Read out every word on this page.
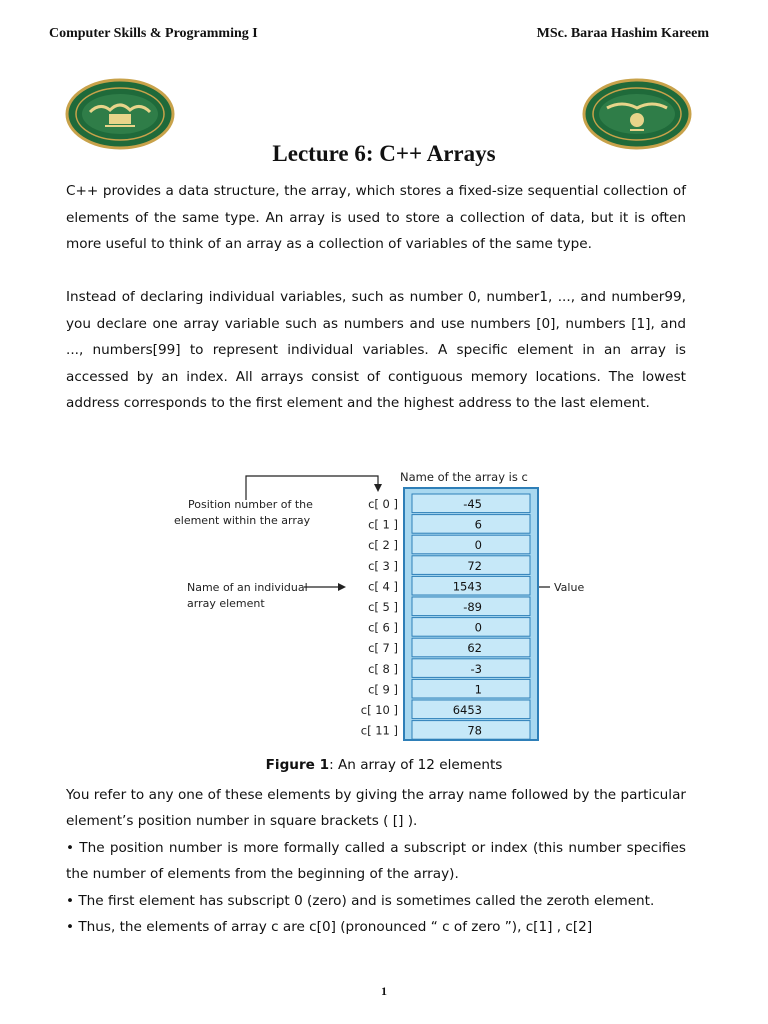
Computer Skills & Programming I	MSc. Baraa Hashim Kareem
Lecture 6: C++ Arrays

C++ provides a data structure, the array, which stores a fixed-size sequential collection of elements of the same type. An array is used to store a collection of data, but it is often more useful to think of an array as a collection of variables of the same type.

Instead of declaring individual variables, such as number 0, number1, ..., and number99, you declare one array variable such as numbers and use numbers [0], numbers [1], and ..., numbers[99] to represent individual variables. A specific element in an array is accessed by an index. All arrays consist of contiguous memory locations. The lowest address corresponds to the first element and the highest address to the last element.

Name of the array is c
Position number of the
element within the array
Name of an individual
array element
Value
-45
c[ 0 ]
6
c[ 1 ]
0
c[ 2 ]
72
c[ 3 ]
1543
c[ 4 ]
-89
c[ 5 ]
0
c[ 6 ]
62
c[ 7 ]
-3
c[ 8 ]
1
c[ 9 ]
6453
c[ 10 ]
78
c[ 11 ]
Figure 1: An array of 12 elements

You refer to any one of these elements by giving the array name followed by the particular element’s position number in square brackets ( [] ).

• The position number is more formally called a subscript or index (this number specifies the number of elements from the beginning of the array).

• The first element has subscript 0 (zero) and is sometimes called the zeroth element.

• Thus, the elements of array c are c[0] (pronounced “ c of zero ”), c[1] , c[2]

1
